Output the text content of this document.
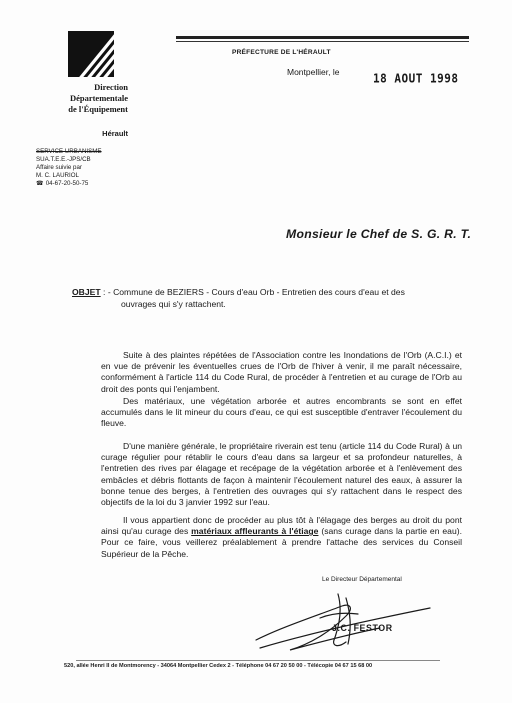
Direction
Départementale
de l'Équipement
Hérault
SERVICE URBANISME
SUA.T.E.E.-JPS/CB
Affaire suivie par
M. C. LAURIOL
☎ 04-67-20-50-75
PRÉFECTURE DE L'HÉRAULT
Montpellier, le	18 AOUT 1998
Monsieur le Chef de S. G. R. T.
OBJET : - Commune de BEZIERS - Cours d'eau Orb - Entretien des cours d'eau et des
ouvrages qui s'y rattachent.
Suite à des plaintes répétées de l'Association contre les Inondations de l'Orb (A.C.I.) et en vue de prévenir les éventuelles crues de l'Orb de l'hiver à venir, il me paraît nécessaire, conformément à l'article 114 du Code Rural, de procéder à l'entretien et au curage de l'Orb au droit des ponts qui l'enjambent.
Des matériaux, une végétation arborée et autres encombrants se sont en effet accumulés dans le lit mineur du cours d'eau, ce qui est susceptible d'entraver l'écoulement du fleuve.
D'une manière générale, le propriétaire riverain est tenu (article 114 du Code Rural) à un curage régulier pour rétablir le cours d'eau dans sa largeur et sa profondeur naturelles, à l'entretien des rives par élagage et recépage de la végétation arborée et à l'enlèvement des embâcles et débris flottants de façon à maintenir l'écoulement naturel des eaux, à assurer la bonne tenue des berges, à l'entretien des ouvrages qui s'y rattachent dans le respect des objectifs de la loi du 3 janvier 1992 sur l'eau.
Il vous appartient donc de procéder au plus tôt à l'élagage des berges au droit du pont ainsi qu'au curage des matériaux affleurants à l'étiage (sans curage dans la partie en eau). Pour ce faire, vous veillerez préalablement à prendre l'attache des services du Conseil Supérieur de la Pêche.
Le Directeur Départemental
J.C. FESTOR
520, allée Henri II de Montmorency - 34064 Montpellier Cedex 2 - Téléphone 04 67 20 50 00 - Télécopie 04 67 15 68 00
